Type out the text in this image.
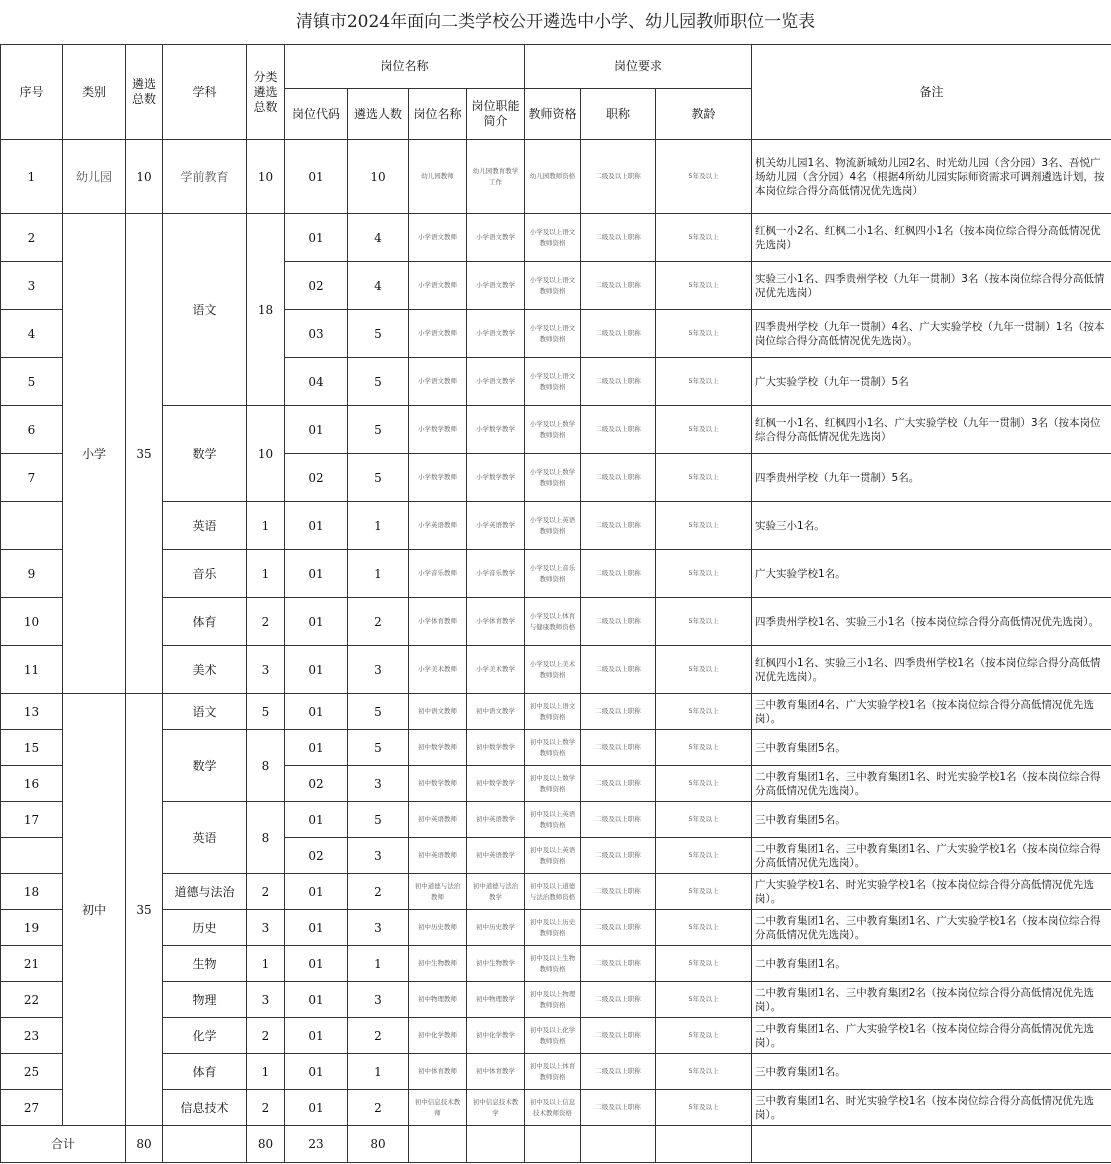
清镇市2024年面向二类学校公开遴选中小学、幼儿园教师职位一览表
序号	类别	遴选总数	学科	分类遴选总数	岗位名称				岗位要求			备注
					岗位代码	遴选人数	岗位名称	岗位职能简介	教师资格	职称	教龄	
1	幼儿园	10	学前教育	10	01	10	幼儿园教师	幼儿园教育教学工作	幼儿园教师资格	二级及以上职称	5年及以上	机关幼儿园1名、物流新城幼儿园2名、时光幼儿园（含分园）3名、吾悦广场幼儿园（含分园）4名（根据4所幼儿园实际师资需求可调剂遴选计划，按本岗位综合得分高低情况优先选岗）
2	小学	35	语文	18	01	4	小学语文教师	小学语文教学	小学及以上语文教师资格	二级及以上职称	5年及以上	红枫一小2名、红枫二小1名、红枫四小1名（按本岗位综合得分高低情况优先选岗）
3					02	4	小学语文教师	小学语文教学	小学及以上语文教师资格	二级及以上职称	5年及以上	实验三小1名、四季贵州学校（九年一贯制）3名（按本岗位综合得分高低情况优先选岗）
4					03	5	小学语文教师	小学语文教学	小学及以上语文教师资格	二级及以上职称	5年及以上	四季贵州学校（九年一贯制）4名、广大实验学校（九年一贯制）1名（按本岗位综合得分高低情况优先选岗）。
5					04	5	小学语文教师	小学语文教学	小学及以上语文教师资格	二级及以上职称	5年及以上	广大实验学校（九年一贯制）5名
6			数学	10	01	5	小学数学教师	小学数学教学	小学及以上数学教师资格	二级及以上职称	5年及以上	红枫一小1名、红枫四小1名、广大实验学校（九年一贯制）3名（按本岗位综合得分高低情况优先选岗）
7					02	5	小学数学教师	小学数学教学	小学及以上数学教师资格	二级及以上职称	5年及以上	四季贵州学校（九年一贯制）5名。
			英语	1	01	1	小学英语教师	小学英语教学	小学及以上英语教师资格	二级及以上职称	5年及以上	实验三小1名。
9			音乐	1	01	1	小学音乐教师	小学音乐教学	小学及以上音乐教师资格	二级及以上职称	5年及以上	广大实验学校1名。
10			体育	2	01	2	小学体育教师	小学体育教学	小学及以上体育与健康教师资格	二级及以上职称	5年及以上	四季贵州学校1名、实验三小1名（按本岗位综合得分高低情况优先选岗）。
11			美术	3	01	3	小学美术教师	小学美术教学	小学及以上美术教师资格	二级及以上职称	5年及以上	红枫四小1名、实验三小1名、四季贵州学校1名（按本岗位综合得分高低情况优先选岗）。
13	初中	35	语文	5	01	5	初中语文教师	初中语文教学	初中及以上语文教师资格	二级及以上职称	5年及以上	三中教育集团4名、广大实验学校1名（按本岗位综合得分高低情况优先选岗）。
15			数学	8	01	5	初中数学教师	初中数学教学	初中及以上数学教师资格	二级及以上职称	5年及以上	三中教育集团5名。
16					02	3	初中数学教师	初中数学教学	初中及以上数学教师资格	二级及以上职称	5年及以上	二中教育集团1名、三中教育集团1名、时光实验学校1名（按本岗位综合得分高低情况优先选岗）。
17			英语	8	01	5	初中英语教师	初中英语教学	初中及以上英语教师资格	二级及以上职称	5年及以上	三中教育集团5名。
					02	3	初中英语教师	初中英语教学	初中及以上英语教师资格	二级及以上职称	5年及以上	二中教育集团1名、三中教育集团1名、广大实验学校1名（按本岗位综合得分高低情况优先选岗）。
18			道德与法治	2	01	2	初中道德与法治教师	初中道德与法治教学	初中及以上道德与法治教师资格	二级及以上职称	5年及以上	广大实验学校1名、时光实验学校1名（按本岗位综合得分高低情况优先选岗）。
19			历史	3	01	3	初中历史教师	初中历史教学	初中及以上历史教师资格	二级及以上职称	5年及以上	二中教育集团1名、三中教育集团1名、广大实验学校1名（按本岗位综合得分高低情况优先选岗）。
21			生物	1	01	1	初中生物教师	初中生物教学	初中及以上生物教师资格	二级及以上职称	5年及以上	二中教育集团1名。
22			物理	3	01	3	初中物理教师	初中物理教学	初中及以上物理教师资格	二级及以上职称	5年及以上	二中教育集团1名、三中教育集团2名（按本岗位综合得分高低情况优先选岗）。
23			化学	2	01	2	初中化学教师	初中化学教学	初中及以上化学教师资格	二级及以上职称	5年及以上	二中教育集团1名、广大实验学校1名（按本岗位综合得分高低情况优先选岗）。
25			体育	1	01	1	初中体育教师	初中体育教学	初中及以上体育教师资格	二级及以上职称	5年及以上	三中教育集团1名。
27			信息技术	2	01	2	初中信息技术教师	初中信息技术教学	初中及以上信息技术教师资格	二级及以上职称	5年及以上	三中教育集团1名、时光实验学校1名（按本岗位综合得分高低情况优先选岗）。
合计		80		80	23	80						
